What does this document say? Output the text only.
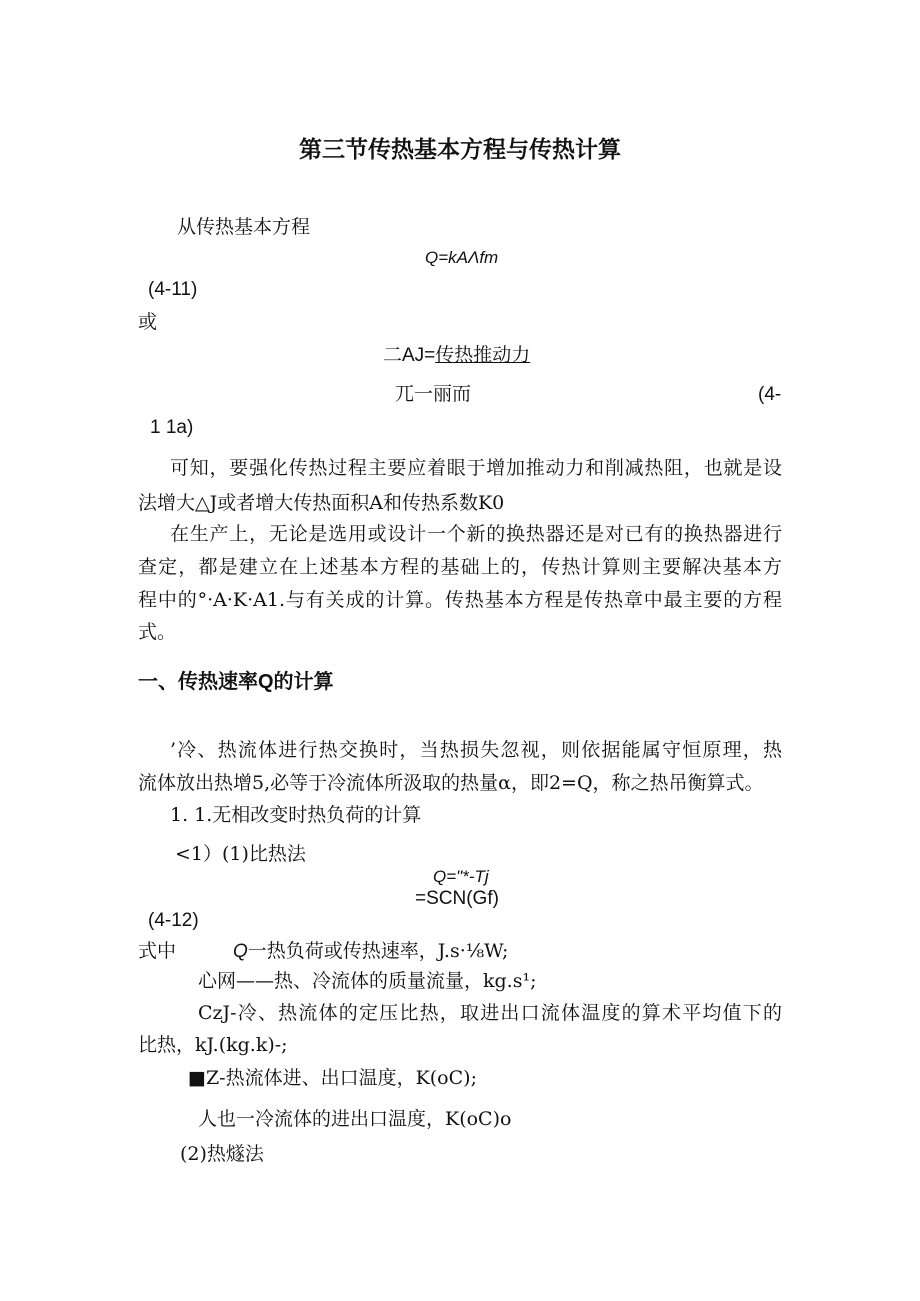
第三节传热基本方程与传热计算
从传热基本方程
Q=kAΛfm
(4-11)
或
二AJ=传热推动力
兀一丽而	(4-
1 1a)
可知，要强化传热过程主要应着眼于增加推动力和削减热阻，也就是设
法增大△J或者增大传热面积A和传热系数K0
在生产上，无论是选用或设计一个新的换热器还是对已有的换热器进行
查定，都是建立在上述基本方程的基础上的，传热计算则主要解决基本方
程中的°·A·K·A1.与有关成的计算。传热基本方程是传热章中最主要的方程
式。
一、传热速率Q的计算
’冷、热流体进行热交换时，当热损失忽视，则依据能属守恒原理，热
流体放出热增5,必等于冷流体所汲取的热量α，即2=Q，称之热吊衡算式。
1. 1.无相改变时热负荷的计算
<1）(1)比热法
Q="*-Tj
=SCN(Gf)
(4-12)
式中	Q一热负荷或传热速率，J.s·⅛W;
心网——热、冷流体的质量流量，kg.s¹;
CzJ-冷、热流体的定压比热，取进出口流体温度的算术平均值下的
比热，kJ.(kg.k)-;
■Z-热流体进、出口温度，K(oC);
人也一冷流体的进出口温度，K(oC)o
(2)热燧法
